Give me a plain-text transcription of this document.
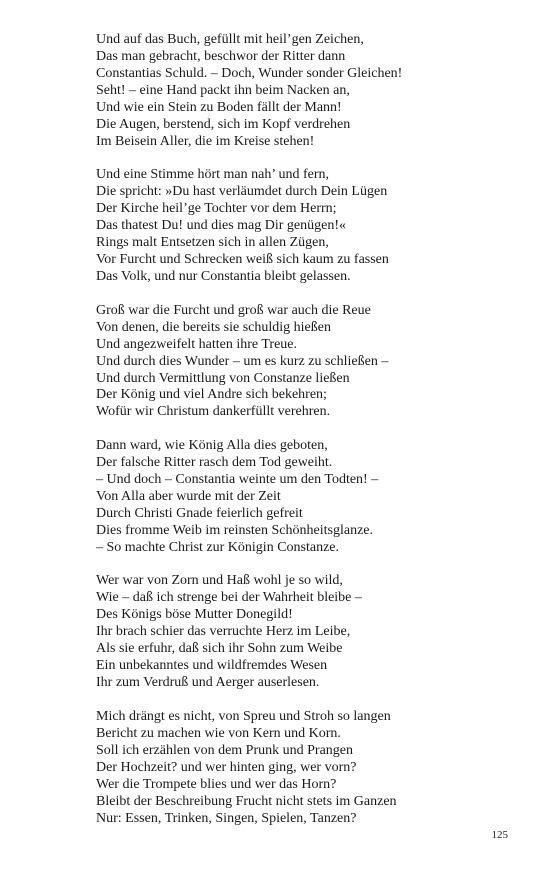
Und auf das Buch, gefüllt mit heil’gen Zeichen,
Das man gebracht, beschwor der Ritter dann
Constantias Schuld. – Doch, Wunder sonder Gleichen!
Seht! – eine Hand packt ihn beim Nacken an,
Und wie ein Stein zu Boden fällt der Mann!
Die Augen, berstend, sich im Kopf verdrehen
Im Beisein Aller, die im Kreise stehen!
Und eine Stimme hört man nah’ und fern,
Die spricht: »Du hast verläumdet durch Dein Lügen
Der Kirche heil’ge Tochter vor dem Herrn;
Das thatest Du! und dies mag Dir genügen!«
Rings malt Entsetzen sich in allen Zügen,
Vor Furcht und Schrecken weiß sich kaum zu fassen
Das Volk, und nur Constantia bleibt gelassen.
Groß war die Furcht und groß war auch die Reue
Von denen, die bereits sie schuldig hießen
Und angezweifelt hatten ihre Treue.
Und durch dies Wunder – um es kurz zu schließen –
Und durch Vermittlung von Constanze ließen
Der König und viel Andre sich bekehren;
Wofür wir Christum dankerfüllt verehren.
Dann ward, wie König Alla dies geboten,
Der falsche Ritter rasch dem Tod geweiht.
– Und doch – Constantia weinte um den Todten! –
Von Alla aber wurde mit der Zeit
Durch Christi Gnade feierlich gefreit
Dies fromme Weib im reinsten Schönheitsglanze.
– So machte Christ zur Königin Constanze.
Wer war von Zorn und Haß wohl je so wild,
Wie – daß ich strenge bei der Wahrheit bleibe –
Des Königs böse Mutter Donegild!
Ihr brach schier das verruchte Herz im Leibe,
Als sie erfuhr, daß sich ihr Sohn zum Weibe
Ein unbekanntes und wildfremdes Wesen
Ihr zum Verdruß und Aerger auserlesen.
Mich drängt es nicht, von Spreu und Stroh so langen
Bericht zu machen wie von Kern und Korn.
Soll ich erzählen von dem Prunk und Prangen
Der Hochzeit? und wer hinten ging, wer vorn?
Wer die Trompete blies und wer das Horn?
Bleibt der Beschreibung Frucht nicht stets im Ganzen
Nur: Essen, Trinken, Singen, Spielen, Tanzen?
125
